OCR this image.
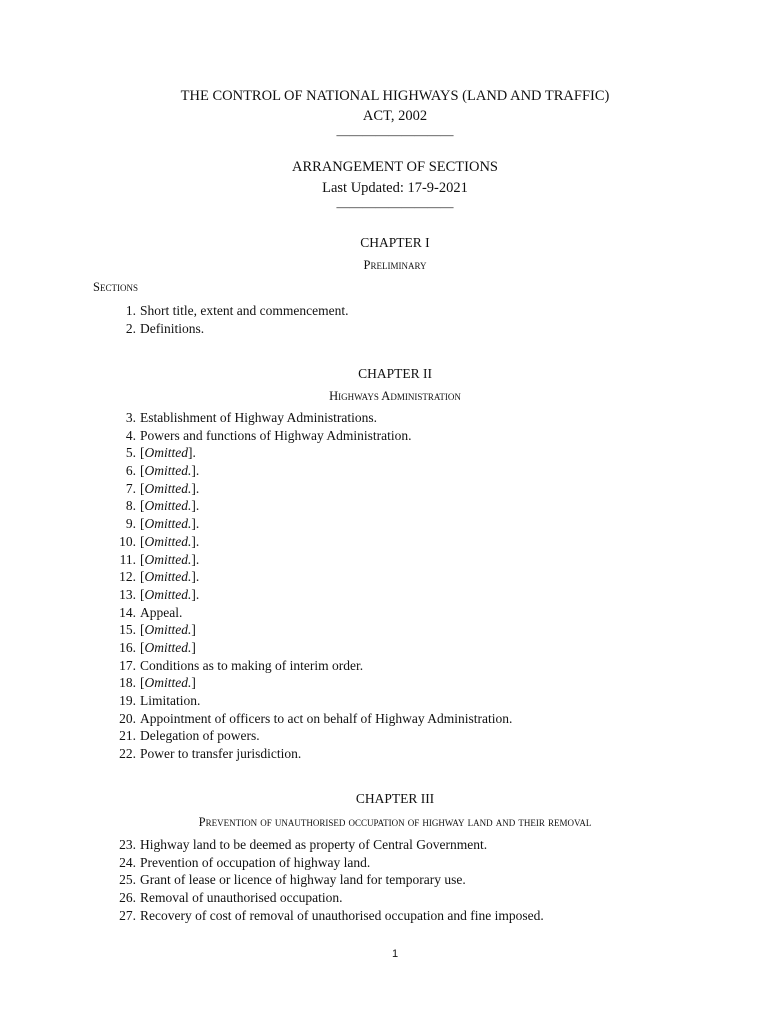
THE CONTROL OF NATIONAL HIGHWAYS (LAND AND TRAFFIC)
ACT, 2002
—————————
ARRANGEMENT OF SECTIONS
Last Updated: 17-9-2021
—————————
CHAPTER I
Preliminary
Sections
1. Short title, extent and commencement.
2. Definitions.
CHAPTER II
Highways Administration
3. Establishment of Highway Administrations.
4. Powers and functions of Highway Administration.
5. [Omitted].
6. [Omitted.].
7. [Omitted.].
8. [Omitted.].
9. [Omitted.].
10. [Omitted.].
11. [Omitted.].
12. [Omitted.].
13. [Omitted.].
14. Appeal.
15. [Omitted.]
16. [Omitted.]
17. Conditions as to making of interim order.
18. [Omitted.]
19. Limitation.
20. Appointment of officers to act on behalf of Highway Administration.
21. Delegation of powers.
22. Power to transfer jurisdiction.
CHAPTER III
Prevention of unauthorised occupation of highway land and their removal
23. Highway land to be deemed as property of Central Government.
24. Prevention of occupation of highway land.
25. Grant of lease or licence of highway land for temporary use.
26. Removal of unauthorised occupation.
27. Recovery of cost of removal of unauthorised occupation and fine imposed.
1
